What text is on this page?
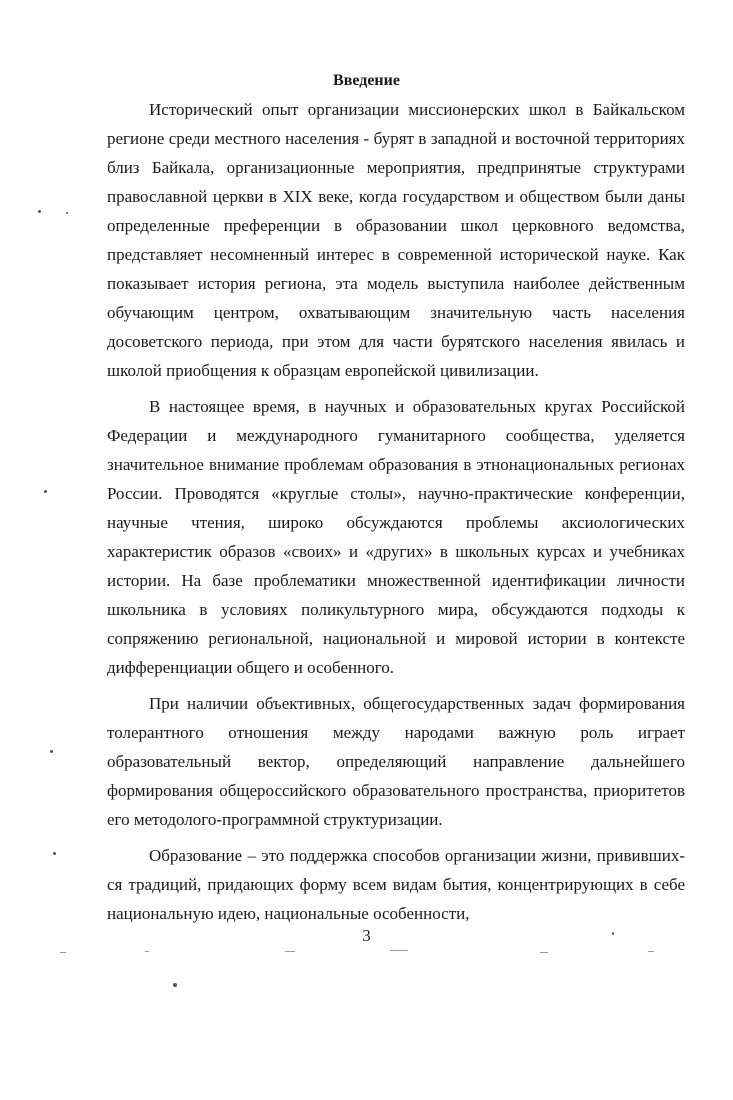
Введение

Исторический опыт организации миссионерских школ в Байкальском регионе среди местного населения - бурят в западной и восточной территориях близ Байкала, организационные мероприятия, предпринятые структурами православной церкви в XIX веке, когда государством и обществом были даны определенные преференции в образовании школ церковного ведомства, представляет несомненный интерес в современной исторической науке. Как показывает история региона, эта модель выступила наиболее действенным обучающим центром, охватывающим значительную часть населения досоветского периода, при этом для части бурятского населения явилась и школой приобщения к образцам европейской цивилизации.

В настоящее время, в научных и образовательных кругах Российской Федерации и международного гуманитарного сообщества, уделяется значительное внимание проблемам образования в этнонациональных регионах России. Проводятся «круглые столы», научно-практические конференции, научные чтения, широко обсуждаются проблемы аксиологических характеристик образов «своих» и «других» в школьных курсах и учебниках истории. На базе проблематики множественной идентификации личности школьника в условиях поликультурного мира, обсуждаются подходы к сопряжению региональной, национальной и мировой истории в контексте дифференциации общего и особенного.

При наличии объективных, общегосударственных задач формирования толерантного отношения между народами важную роль играет образовательный вектор, определяющий направление дальнейшего формирования общероссийского образовательного пространства, приоритетов его методолого-программной структуризации.

Образование – это поддержка способов организации жизни, привившихся традиций, придающих форму всем видам бытия, концентрирующих в себе национальную идею, национальные особенности,

3
